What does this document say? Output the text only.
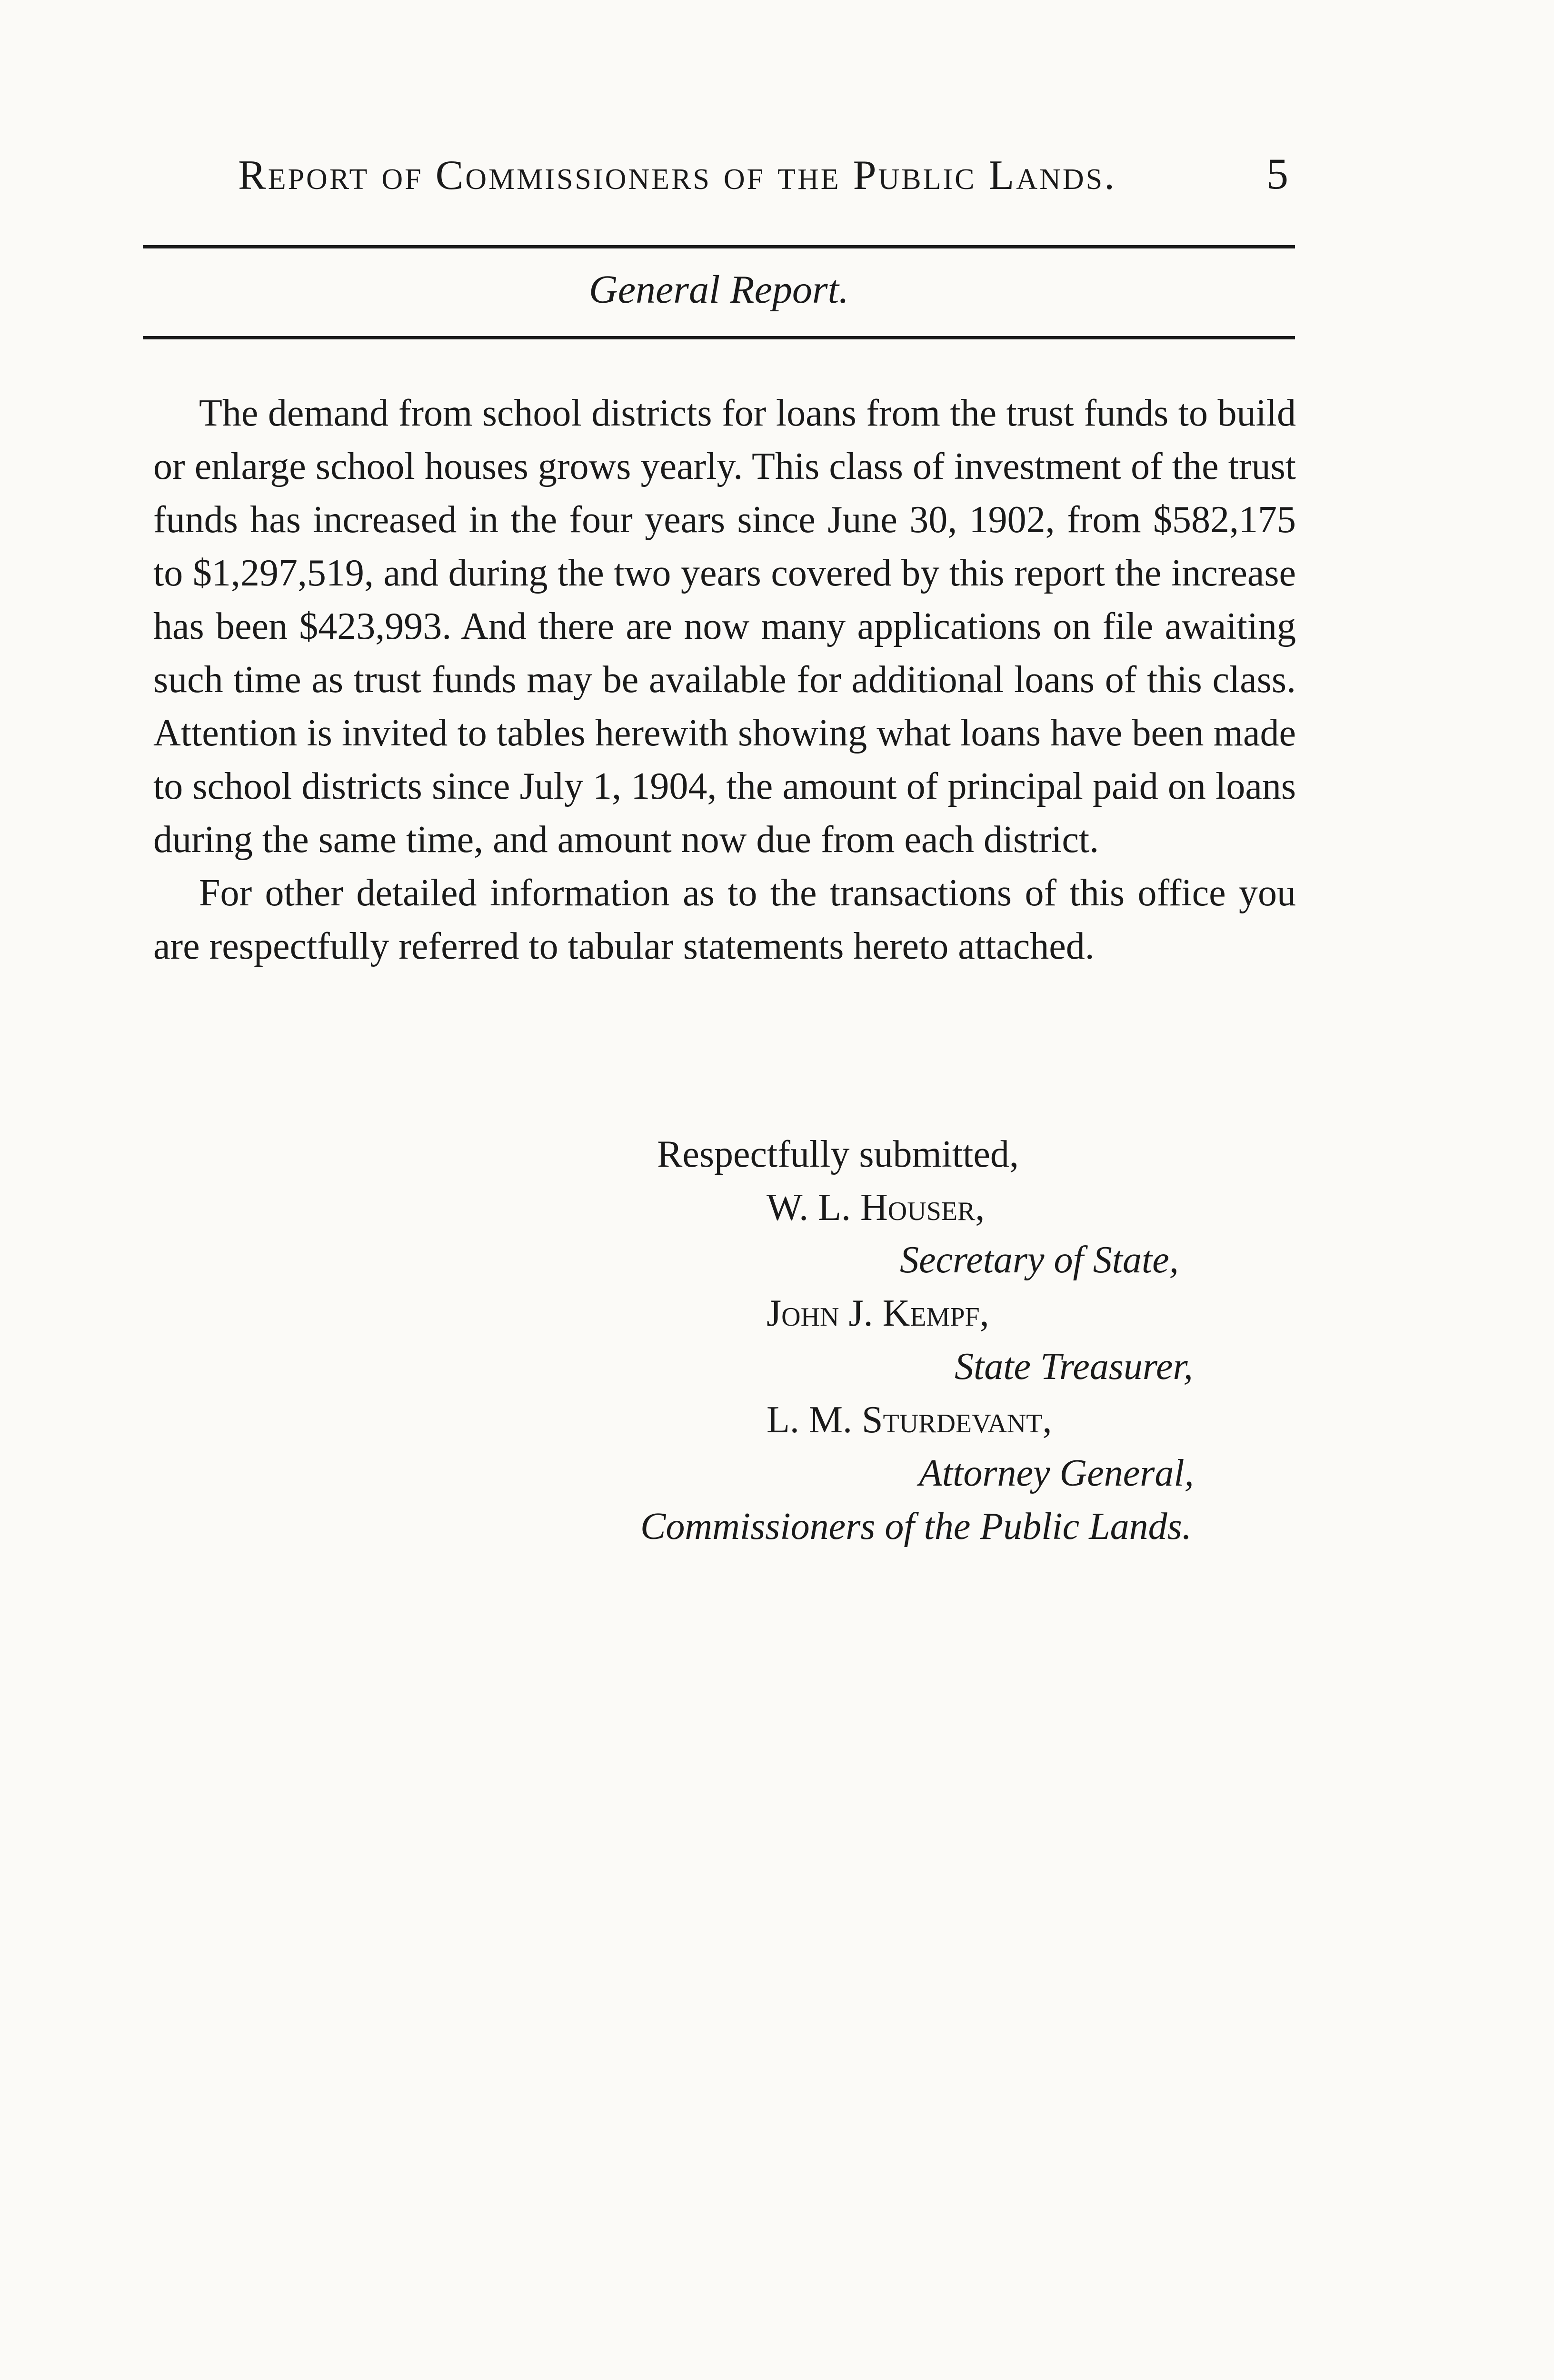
Report of Commissioners of the Public Lands.	5
General Report.

The demand from school districts for loans from the trust funds to build or enlarge school houses grows yearly. This class of investment of the trust funds has increased in the four years since June 30, 1902, from $582,175 to $1,297,519, and during the two years covered by this report the increase has been $423,993. And there are now many applications on file awaiting such time as trust funds may be available for additional loans of this class. Attention is invited to tables herewith showing what loans have been made to school districts since July 1, 1904, the amount of principal paid on loans during the same time, and amount now due from each district.

For other detailed information as to the transactions of this office you are respectfully referred to tabular statements hereto attached.

Respectfully submitted,
W. L. Houser,
Secretary of State,
John J. Kempf,
State Treasurer,
L. M. Sturdevant,
Attorney General,
Commissioners of the Public Lands.
